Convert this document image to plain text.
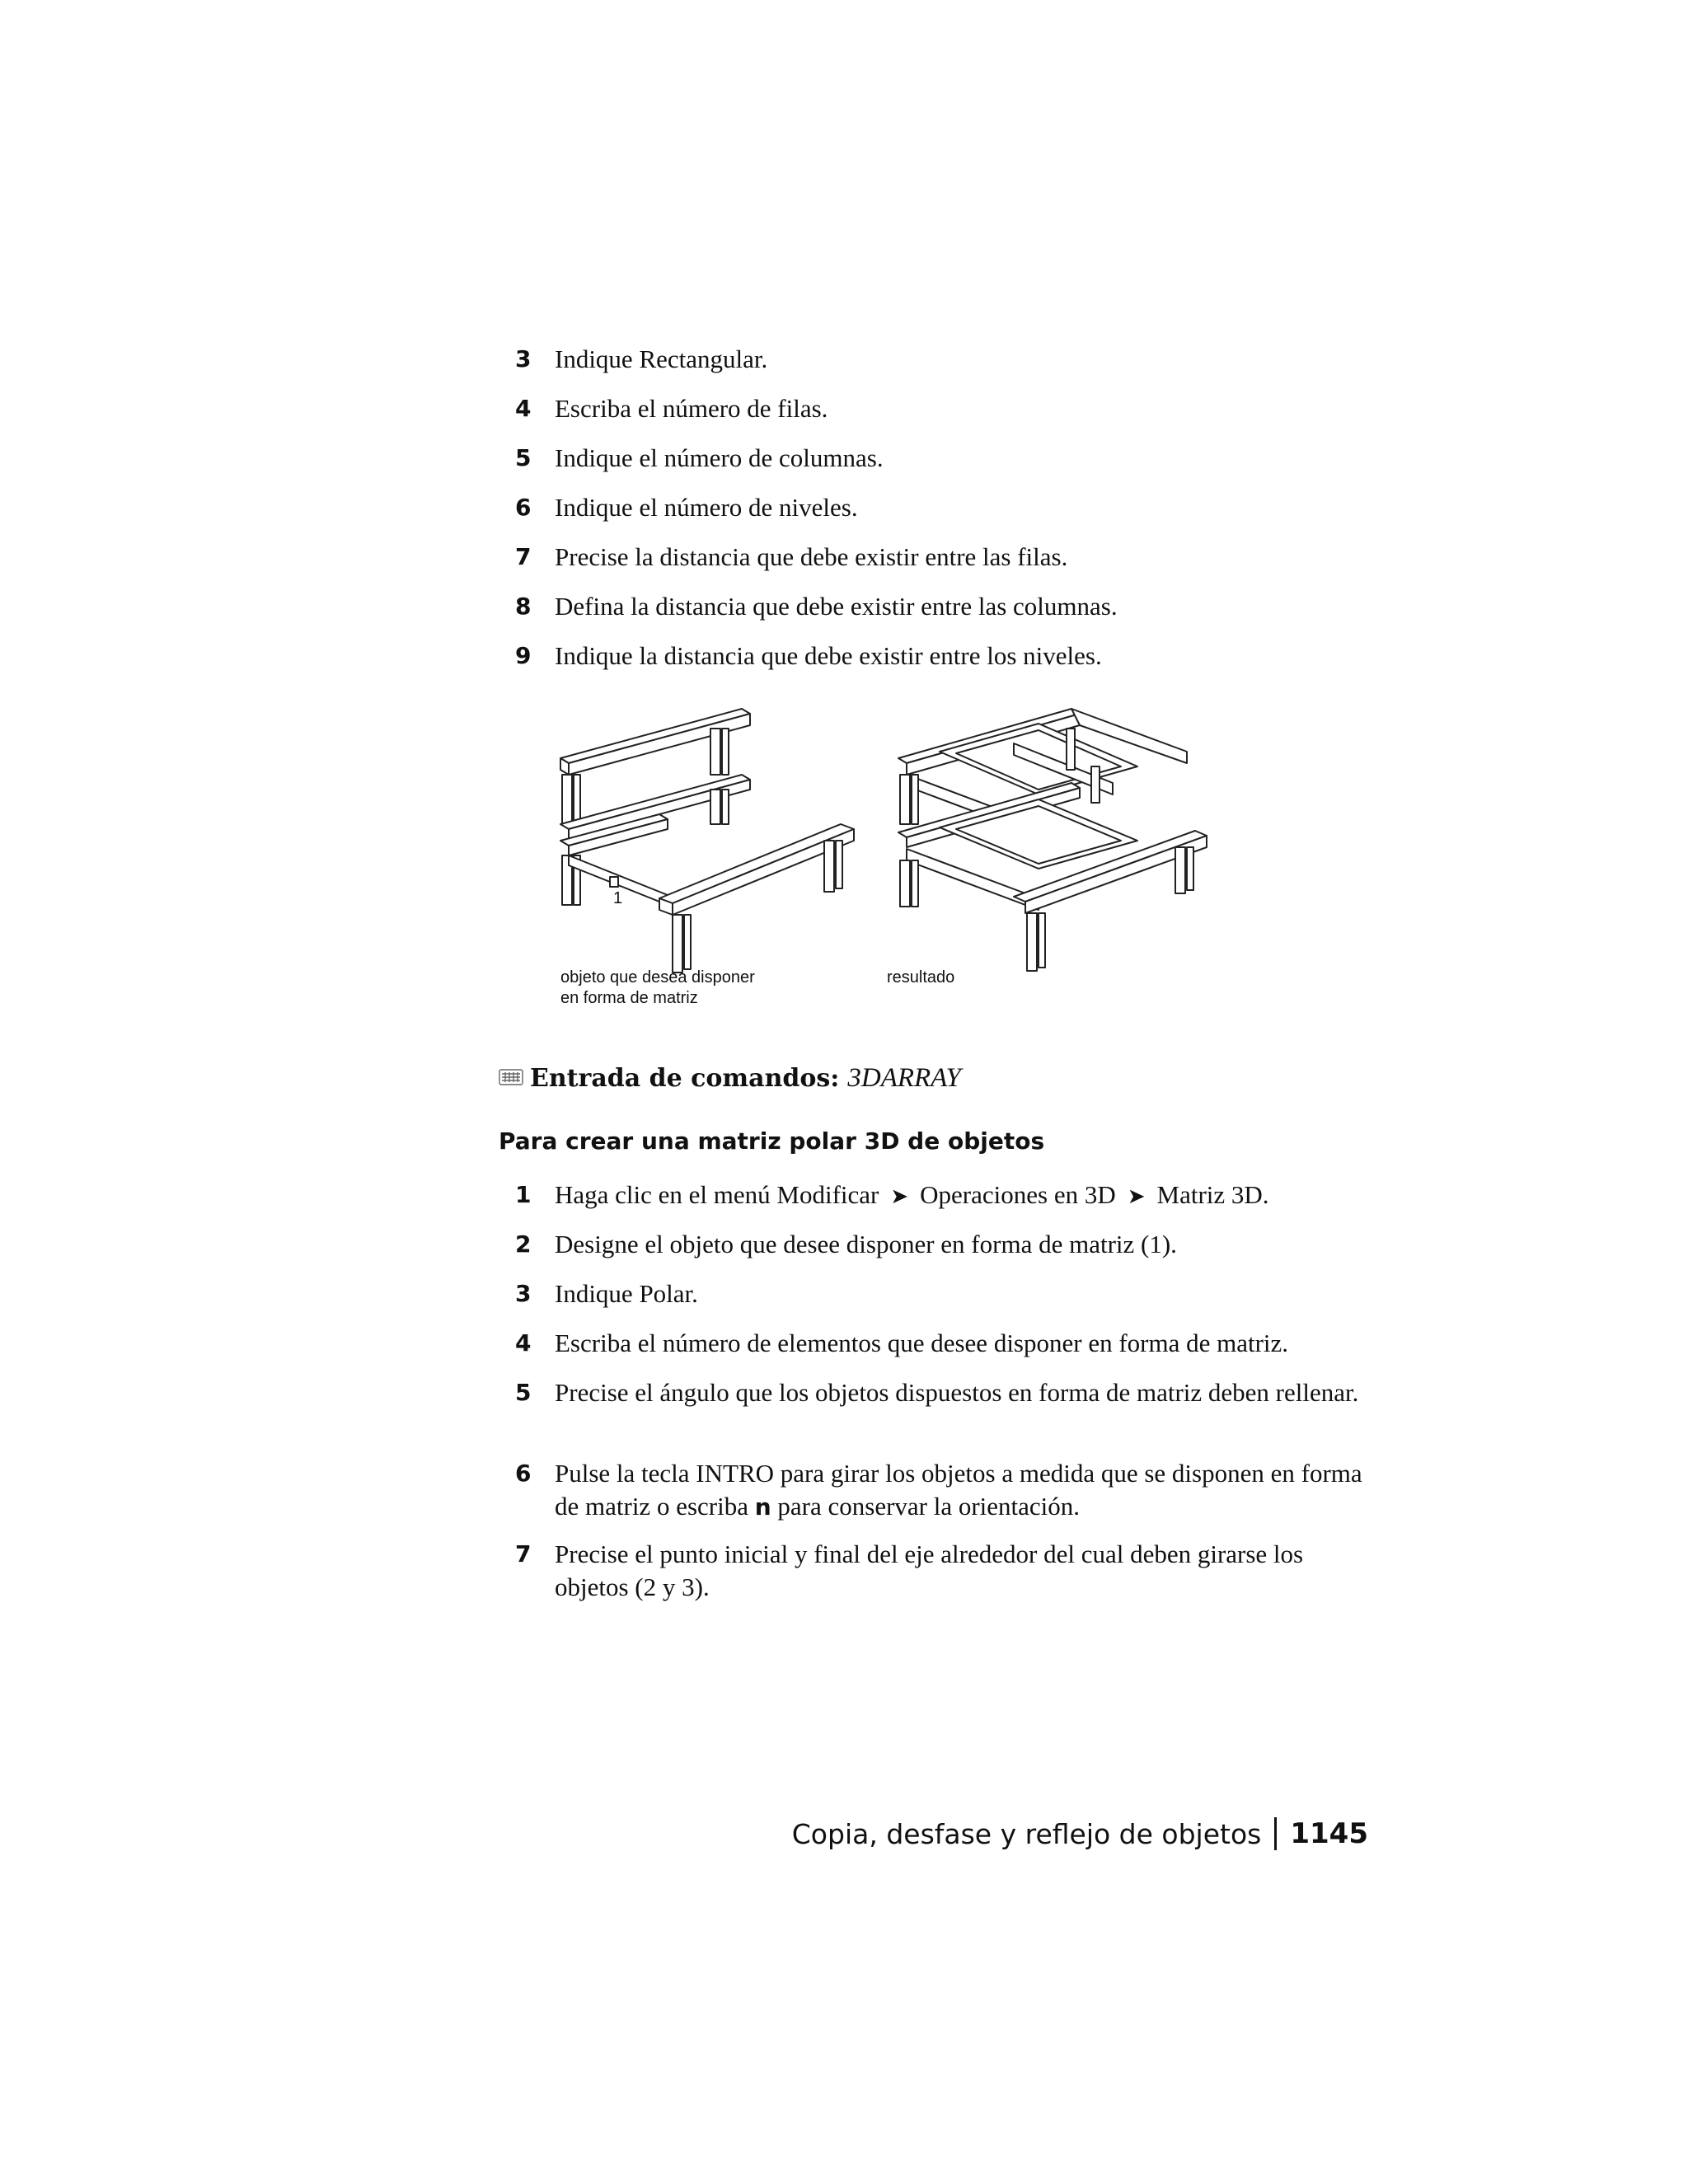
3 Indique Rectangular.
4 Escriba el número de filas.
5 Indique el número de columnas.
6 Indique el número de niveles.
7 Precise la distancia que debe existir entre las filas.
8 Defina la distancia que debe existir entre las columnas.
9 Indique la distancia que debe existir entre los niveles.
1
objeto que desea disponer
en forma de matriz
resultado
Entrada de comandos: 3DARRAY
Para crear una matriz polar 3D de objetos
1 Haga clic en el menú Modificar ➤ Operaciones en 3D ➤ Matriz 3D.
2 Designe el objeto que desee disponer en forma de matriz (1).
3 Indique Polar.
4 Escriba el número de elementos que desee disponer en forma de matriz.
5 Precise el ángulo que los objetos dispuestos en forma de matriz deben rellenar.
6 Pulse la tecla INTRO para girar los objetos a medida que se disponen en forma de matriz o escriba n para conservar la orientación.
7 Precise el punto inicial y final del eje alrededor del cual deben girarse los objetos (2 y 3).
Copia, desfase y reflejo de objetos 1145
